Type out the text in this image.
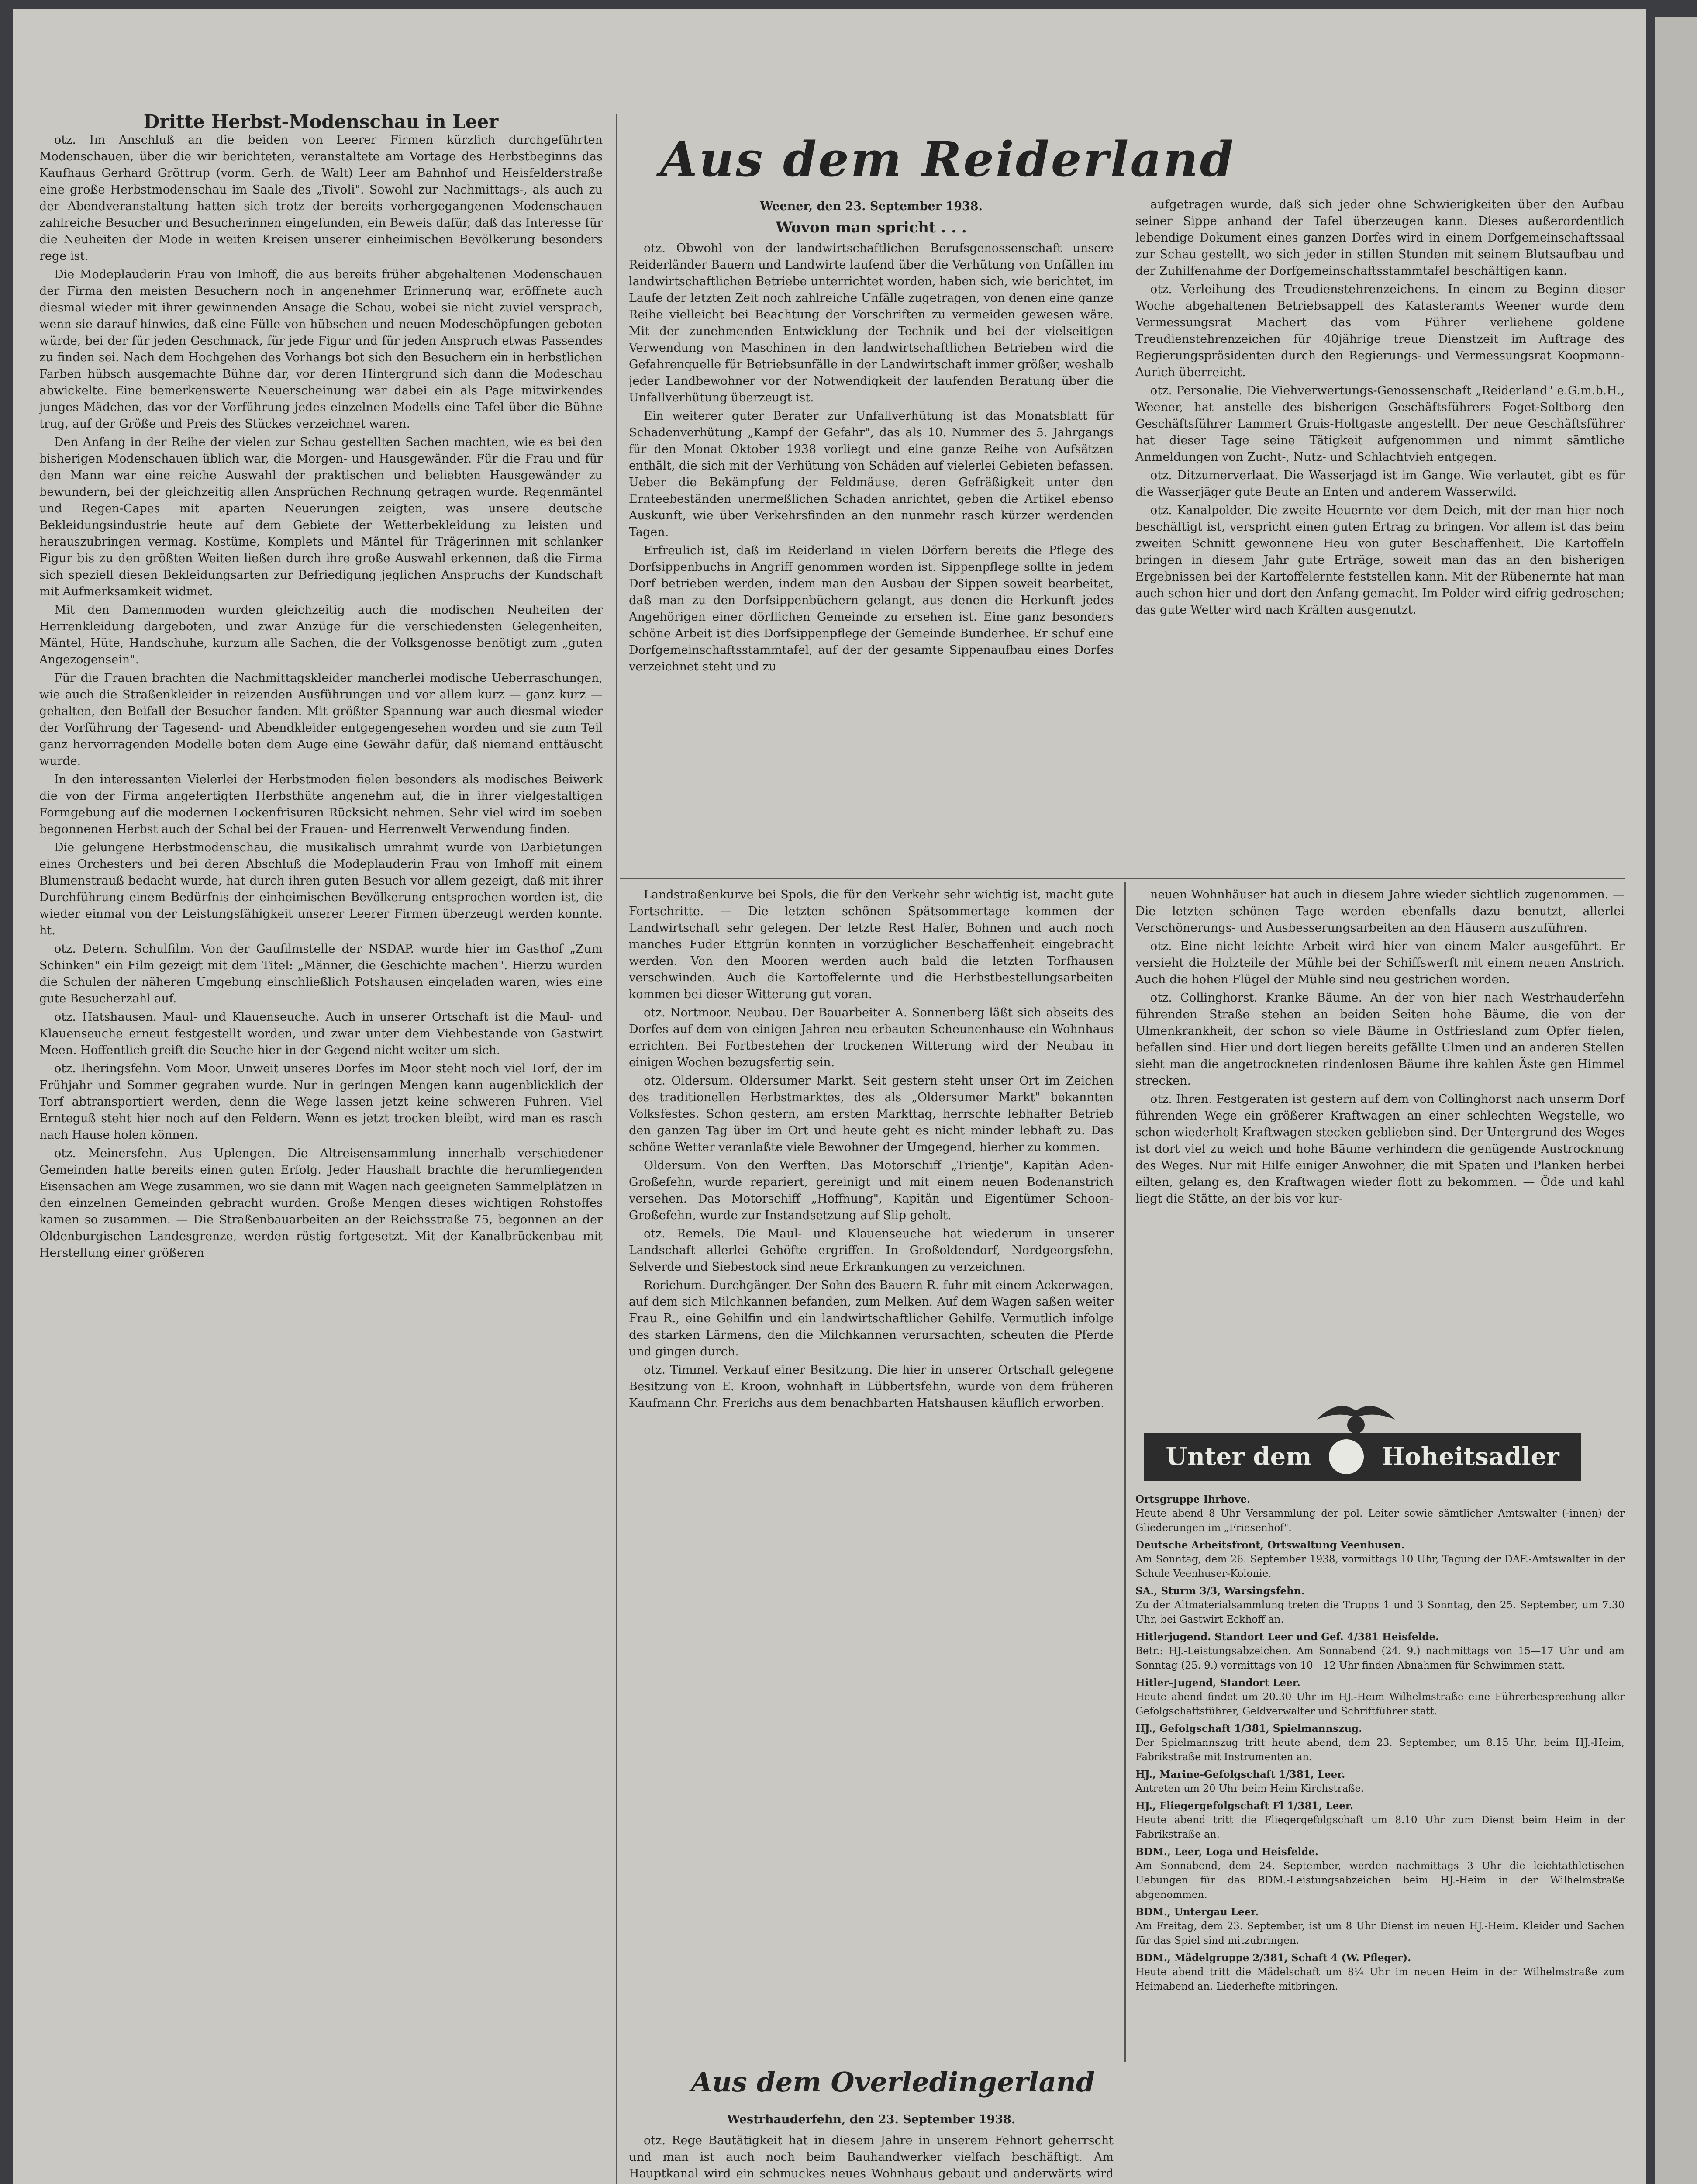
Dritte Herbst-Modenschau in Leer

otz. Im Anschluß an die beiden von Leerer Firmen kürzlich durchgeführten Modenschauen, über die wir berichteten, veranstaltete am Vortage des Herbstbeginns das Kaufhaus Gerhard Gröttrup (vorm. Gerh. de Walt) Leer am Bahnhof und Heisfelderstraße eine große Herbstmodenschau im Saale des „Tivoli". Sowohl zur Nachmittags-, als auch zu der Abendveranstaltung hatten sich trotz der bereits vorhergegangenen Modenschauen zahlreiche Besucher und Besucherinnen eingefunden, ein Beweis dafür, daß das Interesse für die Neuheiten der Mode in weiten Kreisen unserer einheimischen Bevölkerung besonders rege ist.

Die Modeplauderin Frau von Imhoff, die aus bereits früher abgehaltenen Modenschauen der Firma den meisten Besuchern noch in angenehmer Erinnerung war, eröffnete auch diesmal wieder mit ihrer gewinnenden Ansage die Schau, wobei sie nicht zuviel versprach, wenn sie darauf hinwies, daß eine Fülle von hübschen und neuen Modeschöpfungen geboten würde, bei der für jeden Geschmack, für jede Figur und für jeden Anspruch etwas Passendes zu finden sei. Nach dem Hochgehen des Vorhangs bot sich den Besuchern ein in herbstlichen Farben hübsch ausgemachte Bühne dar, vor deren Hintergrund sich dann die Modeschau abwickelte. Eine bemerkenswerte Neuerscheinung war dabei ein als Page mitwirkendes junges Mädchen, das vor der Vorführung jedes einzelnen Modells eine Tafel über die Bühne trug, auf der Größe und Preis des Stückes verzeichnet waren.

Den Anfang in der Reihe der vielen zur Schau gestellten Sachen machten, wie es bei den bisherigen Modenschauen üblich war, die Morgen- und Hausgewänder. Für die Frau und für den Mann war eine reiche Auswahl der praktischen und beliebten Hausgewänder zu bewundern, bei der gleichzeitig allen Ansprüchen Rechnung getragen wurde. Regenmäntel und Regen-Capes mit aparten Neuerungen zeigten, was unsere deutsche Bekleidungsindustrie heute auf dem Gebiete der Wetterbekleidung zu leisten und herauszubringen vermag. Kostüme, Komplets und Mäntel für Trägerinnen mit schlanker Figur bis zu den größten Weiten ließen durch ihre große Auswahl erkennen, daß die Firma sich speziell diesen Bekleidungsarten zur Befriedigung jeglichen Anspruchs der Kundschaft mit Aufmerksamkeit widmet.

Mit den Damenmoden wurden gleichzeitig auch die modischen Neuheiten der Herrenkleidung dargeboten, und zwar Anzüge für die verschiedensten Gelegenheiten, Mäntel, Hüte, Handschuhe, kurzum alle Sachen, die der Volksgenosse benötigt zum „guten Angezogensein".

Für die Frauen brachten die Nachmittagskleider mancherlei modische Ueberraschungen, wie auch die Straßenkleider in reizenden Ausführungen und vor allem kurz — ganz kurz — gehalten, den Beifall der Besucher fanden. Mit größter Spannung war auch diesmal wieder der Vorführung der Tagesend- und Abendkleider entgegengesehen worden und sie zum Teil ganz hervorragenden Modelle boten dem Auge eine Gewähr dafür, daß niemand enttäuscht wurde.

In den interessanten Vielerlei der Herbstmoden fielen besonders als modisches Beiwerk die von der Firma angefertigten Herbsthüte angenehm auf, die in ihrer vielgestaltigen Formgebung auf die modernen Lockenfrisuren Rücksicht nehmen. Sehr viel wird im soeben begonnenen Herbst auch der Schal bei der Frauen- und Herrenwelt Verwendung finden.

Die gelungene Herbstmodenschau, die musikalisch umrahmt wurde von Darbietungen eines Orchesters und bei deren Abschluß die Modeplauderin Frau von Imhoff mit einem Blumenstrauß bedacht wurde, hat durch ihren guten Besuch vor allem gezeigt, daß mit ihrer Durchführung einem Bedürfnis der einheimischen Bevölkerung entsprochen worden ist, die wieder einmal von der Leistungsfähigkeit unserer Leerer Firmen überzeugt werden konnte. ht.

otz. Detern. Schulfilm. Von der Gaufilmstelle der NSDAP. wurde hier im Gasthof „Zum Schinken" ein Film gezeigt mit dem Titel: „Männer, die Geschichte machen". Hierzu wurden die Schulen der näheren Umgebung einschließlich Potshausen eingeladen waren, wies eine gute Besucherzahl auf.

otz. Hatshausen. Maul- und Klauenseuche. Auch in unserer Ortschaft ist die Maul- und Klauenseuche erneut festgestellt worden, und zwar unter dem Viehbestande von Gastwirt Meen. Hoffentlich greift die Seuche hier in der Gegend nicht weiter um sich.

otz. Iheringsfehn. Vom Moor. Unweit unseres Dorfes im Moor steht noch viel Torf, der im Frühjahr und Sommer gegraben wurde. Nur in geringen Mengen kann augenblicklich der Torf abtransportiert werden, denn die Wege lassen jetzt keine schweren Fuhren. Viel Ernteguß steht hier noch auf den Feldern. Wenn es jetzt trocken bleibt, wird man es rasch nach Hause holen können.

otz. Meinersfehn. Aus Uplengen. Die Altreisensammlung innerhalb verschiedener Gemeinden hatte bereits einen guten Erfolg. Jeder Haushalt brachte die herumliegenden Eisensachen am Wege zusammen, wo sie dann mit Wagen nach geeigneten Sammelplätzen in den einzelnen Gemeinden gebracht wurden. Große Mengen dieses wichtigen Rohstoffes kamen so zusammen. — Die Straßenbauarbeiten an der Reichsstraße 75, begonnen an der Oldenburgischen Landesgrenze, werden rüstig fortgesetzt. Mit der Kanalbrückenbau mit Herstellung einer größeren

Aus dem Reiderland
Weener, den 23. September 1938.
Wovon man spricht . . .

otz. Obwohl von der landwirtschaftlichen Berufsgenossenschaft unsere Reiderländer Bauern und Landwirte laufend über die Verhütung von Unfällen im landwirtschaftlichen Betriebe unterrichtet worden, haben sich, wie berichtet, im Laufe der letzten Zeit noch zahlreiche Unfälle zugetragen, von denen eine ganze Reihe vielleicht bei Beachtung der Vorschriften zu vermeiden gewesen wäre. Mit der zunehmenden Entwicklung der Technik und bei der vielseitigen Verwendung von Maschinen in den landwirtschaftlichen Betrieben wird die Gefahrenquelle für Betriebsunfälle in der Landwirtschaft immer größer, weshalb jeder Landbewohner vor der Notwendigkeit der laufenden Beratung über die Unfallverhütung überzeugt ist.

Ein weiterer guter Berater zur Unfallverhütung ist das Monatsblatt für Schadenverhütung „Kampf der Gefahr", das als 10. Nummer des 5. Jahrgangs für den Monat Oktober 1938 vorliegt und eine ganze Reihe von Aufsätzen enthält, die sich mit der Verhütung von Schäden auf vielerlei Gebieten befassen. Ueber die Bekämpfung der Feldmäuse, deren Gefräßigkeit unter den Ernteebeständen unermeßlichen Schaden anrichtet, geben die Artikel ebenso Auskunft, wie über Verkehrsfinden an den nunmehr rasch kürzer werdenden Tagen.

Erfreulich ist, daß im Reiderland in vielen Dörfern bereits die Pflege des Dorfsippenbuchs in Angriff genommen worden ist. Sippenpflege sollte in jedem Dorf betrieben werden, indem man den Ausbau der Sippen soweit bearbeitet, daß man zu den Dorfsippenbüchern gelangt, aus denen die Herkunft jedes Angehörigen einer dörflichen Gemeinde zu ersehen ist. Eine ganz besonders schöne Arbeit ist dies Dorfsippenpflege der Gemeinde Bunderhee. Er schuf eine Dorfgemeinschaftsstammtafel, auf der der gesamte Sippenaufbau eines Dorfes verzeichnet steht und zu

aufgetragen wurde, daß sich jeder ohne Schwierigkeiten über den Aufbau seiner Sippe anhand der Tafel überzeugen kann. Dieses außerordentlich lebendige Dokument eines ganzen Dorfes wird in einem Dorfgemeinschaftssaal zur Schau gestellt, wo sich jeder in stillen Stunden mit seinem Blutsaufbau und der Zuhilfenahme der Dorfgemeinschaftsstammtafel beschäftigen kann.

otz. Verleihung des Treudienstehrenzeichens. In einem zu Beginn dieser Woche abgehaltenen Betriebsappell des Katasteramts Weener wurde dem Vermessungsrat Machert das vom Führer verliehene goldene Treudienstehrenzeichen für 40jährige treue Dienstzeit im Auftrage des Regierungspräsidenten durch den Regierungs- und Vermessungsrat Koopmann-Aurich überreicht.

otz. Personalie. Die Viehverwertungs-Genossenschaft „Reiderland" e.G.m.b.H., Weener, hat anstelle des bisherigen Geschäftsführers Foget-Soltborg den Geschäftsführer Lammert Gruis-Holtgaste angestellt. Der neue Geschäftsführer hat dieser Tage seine Tätigkeit aufgenommen und nimmt sämtliche Anmeldungen von Zucht-, Nutz- und Schlachtvieh entgegen.

otz. Ditzumerverlaat. Die Wasserjagd ist im Gange. Wie verlautet, gibt es für die Wasserjäger gute Beute an Enten und anderem Wasserwild.

otz. Kanalpolder. Die zweite Heuernte vor dem Deich, mit der man hier noch beschäftigt ist, verspricht einen guten Ertrag zu bringen. Vor allem ist das beim zweiten Schnitt gewonnene Heu von guter Beschaffenheit. Die Kartoffeln bringen in diesem Jahr gute Erträge, soweit man das an den bisherigen Ergebnissen bei der Kartoffelernte feststellen kann. Mit der Rübenernte hat man auch schon hier und dort den Anfang gemacht. Im Polder wird eifrig gedroschen; das gute Wetter wird nach Kräften ausgenutzt.

Landstraßenkurve bei Spols, die für den Verkehr sehr wichtig ist, macht gute Fortschritte. — Die letzten schönen Spätsommertage kommen der Landwirtschaft sehr gelegen. Der letzte Rest Hafer, Bohnen und auch noch manches Fuder Ettgrün konnten in vorzüglicher Beschaffenheit eingebracht werden. Von den Mooren werden auch bald die letzten Torfhausen verschwinden. Auch die Kartoffelernte und die Herbstbestellungsarbeiten kommen bei dieser Witterung gut voran.

otz. Nortmoor. Neubau. Der Bauarbeiter A. Sonnenberg läßt sich abseits des Dorfes auf dem von einigen Jahren neu erbauten Scheunenhause ein Wohnhaus errichten. Bei Fortbestehen der trockenen Witterung wird der Neubau in einigen Wochen bezugsfertig sein.

otz. Oldersum. Oldersumer Markt. Seit gestern steht unser Ort im Zeichen des traditionellen Herbstmarktes, des als „Oldersumer Markt" bekannten Volksfestes. Schon gestern, am ersten Markttag, herrschte lebhafter Betrieb den ganzen Tag über im Ort und heute geht es nicht minder lebhaft zu. Das schöne Wetter veranlaßte viele Bewohner der Umgegend, hierher zu kommen.

Oldersum. Von den Werften. Das Motorschiff „Trientje", Kapitän Aden-Großefehn, wurde repariert, gereinigt und mit einem neuen Bodenanstrich versehen. Das Motorschiff „Hoffnung", Kapitän und Eigentümer Schoon-Großefehn, wurde zur Instandsetzung auf Slip geholt.

otz. Remels. Die Maul- und Klauenseuche hat wiederum in unserer Landschaft allerlei Gehöfte ergriffen. In Großoldendorf, Nordgeorgsfehn, Selverde und Siebestock sind neue Erkrankungen zu verzeichnen.

Rorichum. Durchgänger. Der Sohn des Bauern R. fuhr mit einem Ackerwagen, auf dem sich Milchkannen befanden, zum Melken. Auf dem Wagen saßen weiter Frau R., eine Gehilfin und ein landwirtschaftlicher Gehilfe. Vermutlich infolge des starken Lärmens, den die Milchkannen verursachten, scheuten die Pferde und gingen durch.

otz. Timmel. Verkauf einer Besitzung. Die hier in unserer Ortschaft gelegene Besitzung von E. Kroon, wohnhaft in Lübbertsfehn, wurde von dem früheren Kaufmann Chr. Frerichs aus dem benachbarten Hatshausen käuflich erworben.

neuen Wohnhäuser hat auch in diesem Jahre wieder sichtlich zugenommen. — Die letzten schönen Tage werden ebenfalls dazu benutzt, allerlei Verschönerungs- und Ausbesserungsarbeiten an den Häusern auszuführen.

otz. Eine nicht leichte Arbeit wird hier von einem Maler ausgeführt. Er versieht die Holzteile der Mühle bei der Schiffswerft mit einem neuen Anstrich. Auch die hohen Flügel der Mühle sind neu gestrichen worden.

otz. Collinghorst. Kranke Bäume. An der von hier nach Westrhauderfehn führenden Straße stehen an beiden Seiten hohe Bäume, die von der Ulmenkrankheit, der schon so viele Bäume in Ostfriesland zum Opfer fielen, befallen sind. Hier und dort liegen bereits gefällte Ulmen und an anderen Stellen sieht man die angetrockneten rindenlosen Bäume ihre kahlen Äste gen Himmel strecken.

otz. Ihren. Festgeraten ist gestern auf dem von Collinghorst nach unserm Dorf führenden Wege ein größerer Kraftwagen an einer schlechten Wegstelle, wo schon wiederholt Kraftwagen stecken geblieben sind. Der Untergrund des Weges ist dort viel zu weich und hohe Bäume verhindern die genügende Austrocknung des Weges. Nur mit Hilfe einiger Anwohner, die mit Spaten und Planken herbei eilten, gelang es, den Kraftwagen wieder flott zu bekommen. — Öde und kahl liegt die Stätte, an der bis vor kur-

Unter dem	Hoheitsadler
Ortsgruppe Ihrhove.

Heute abend 8 Uhr Versammlung der pol. Leiter sowie sämtlicher Amtswalter (-innen) der Gliederungen im „Friesenhof".

Deutsche Arbeitsfront, Ortswaltung Veenhusen.

Am Sonntag, dem 26. September 1938, vormittags 10 Uhr, Tagung der DAF.-Amtswalter in der Schule Veenhuser-Kolonie.

SA., Sturm 3/3, Warsingsfehn.

Zu der Altmaterialsammlung treten die Trupps 1 und 3 Sonntag, den 25. September, um 7.30 Uhr, bei Gastwirt Eckhoff an.

Hitlerjugend. Standort Leer und Gef. 4/381 Heisfelde.

Betr.: HJ.-Leistungsabzeichen. Am Sonnabend (24. 9.) nachmittags von 15—17 Uhr und am Sonntag (25. 9.) vormittags von 10—12 Uhr finden Abnahmen für Schwimmen statt.

Hitler-Jugend, Standort Leer.

Heute abend findet um 20.30 Uhr im HJ.-Heim Wilhelmstraße eine Führerbesprechung aller Gefolgschaftsführer, Geldverwalter und Schriftführer statt.

HJ., Gefolgschaft 1/381, Spielmannszug.

Der Spielmannszug tritt heute abend, dem 23. September, um 8.15 Uhr, beim HJ.-Heim, Fabrikstraße mit Instrumenten an.

HJ., Marine-Gefolgschaft 1/381, Leer.

Antreten um 20 Uhr beim Heim Kirchstraße.

HJ., Fliegergefolgschaft Fl 1/381, Leer.

Heute abend tritt die Fliegergefolgschaft um 8.10 Uhr zum Dienst beim Heim in der Fabrikstraße an.

BDM., Leer, Loga und Heisfelde.

Am Sonnabend, dem 24. September, werden nachmittags 3 Uhr die leichtathletischen Uebungen für das BDM.-Leistungsabzeichen beim HJ.-Heim in der Wilhelmstraße abgenommen.

BDM., Untergau Leer.

Am Freitag, dem 23. September, ist um 8 Uhr Dienst im neuen HJ.-Heim. Kleider und Sachen für das Spiel sind mitzubringen.

BDM., Mädelgruppe 2/381, Schaft 4 (W. Pfleger).

Heute abend tritt die Mädelschaft um 8¼ Uhr im neuen Heim in der Wilhelmstraße zum Heimabend an. Liederhefte mitbringen.

Aus dem Overledingerland
Westrhauderfehn, den 23. September 1938.

otz. Rege Bautätigkeit hat in diesem Jahre in unserem Fehnort geherrscht und man ist auch noch beim Bauhandwerker vielfach beschäftigt. Am Hauptkanal wird ein schmuckes neues Wohnhaus gebaut und anderwärts wird
